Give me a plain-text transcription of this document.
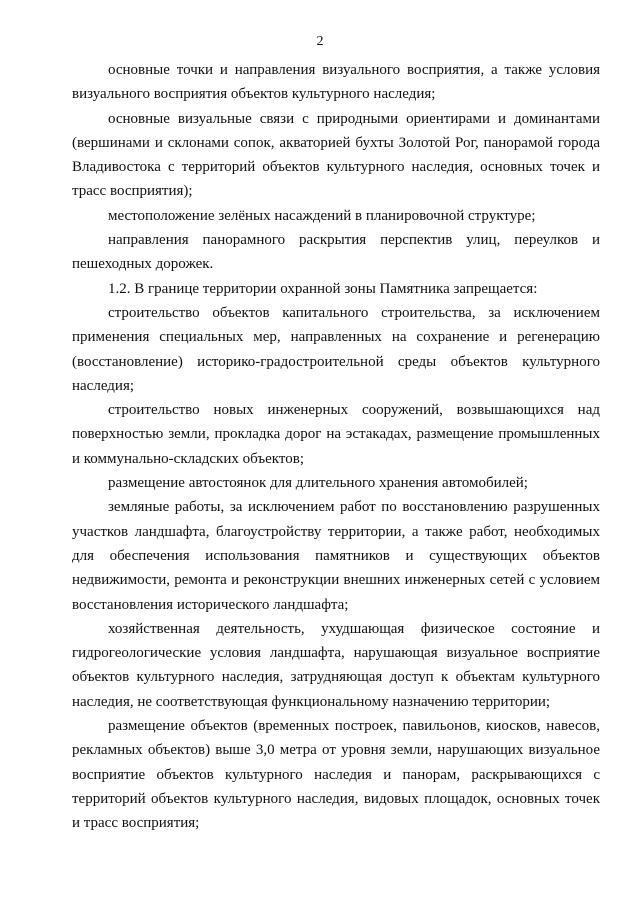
2

основные точки и направления визуального восприятия, а также условия визуального восприятия объектов культурного наследия;

основные визуальные связи с природными ориентирами и доминантами (вершинами и склонами сопок, акваторией бухты Золотой Рог, панорамой города Владивостока с территорий объектов культурного наследия, основных точек и трасс восприятия);

местоположение зелёных насаждений в планировочной структуре;

направления панорамного раскрытия перспектив улиц, переулков и пешеходных дорожек.

1.2. В границе территории охранной зоны Памятника запрещается:

строительство объектов капитального строительства, за исключением применения специальных мер, направленных на сохранение и регенерацию (восстановление) историко-градостроительной среды объектов культурного наследия;

строительство новых инженерных сооружений, возвышающихся над поверхностью земли, прокладка дорог на эстакадах, размещение промышленных и коммунально-складских объектов;

размещение автостоянок для длительного хранения автомобилей;

земляные работы, за исключением работ по восстановлению разрушенных участков ландшафта, благоустройству территории, а также работ, необходимых для обеспечения использования памятников и существующих объектов недвижимости, ремонта и реконструкции внешних инженерных сетей с условием восстановления исторического ландшафта;

хозяйственная деятельность, ухудшающая физическое состояние и гидрогеологические условия ландшафта, нарушающая визуальное восприятие объектов культурного наследия, затрудняющая доступ к объектам культурного наследия, не соответствующая функциональному назначению территории;

размещение объектов (временных построек, павильонов, киосков, навесов, рекламных объектов) выше 3,0 метра от уровня земли, нарушающих визуальное восприятие объектов культурного наследия и панорам, раскрывающихся с территорий объектов культурного наследия, видовых площадок, основных точек и трасс восприятия;
